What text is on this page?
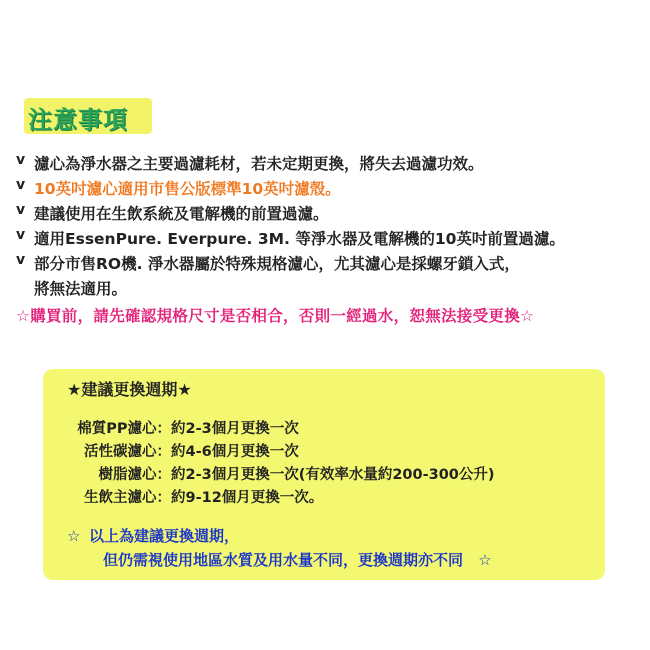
注意事項
v 濾心為淨水器之主要過濾耗材，若未定期更換，將失去過濾功效。
v 10英吋濾心適用市售公版標準10英吋濾殼。
v 建議使用在生飲系統及電解機的前置過濾。
v 適用EssenPure. Everpure. 3M. 等淨水器及電解機的10英吋前置過濾。
v 部分市售RO機. 淨水器屬於特殊規格濾心，尤其濾心是採螺牙鎖入式，
將無法適用。
☆購買前，請先確認規格尺寸是否相合，否則一經過水，恕無法接受更換☆
★建議更換週期★
棉質PP濾心：約2-3個月更換一次
活性碳濾心：約4-6個月更換一次
樹脂濾心：約2-3個月更換一次(有效率水量約200-300公升)
生飲主濾心：約9-12個月更換一次。
☆ 以上為建議更換週期，
但仍需視使用地區水質及用水量不同，更換週期亦不同 ☆
